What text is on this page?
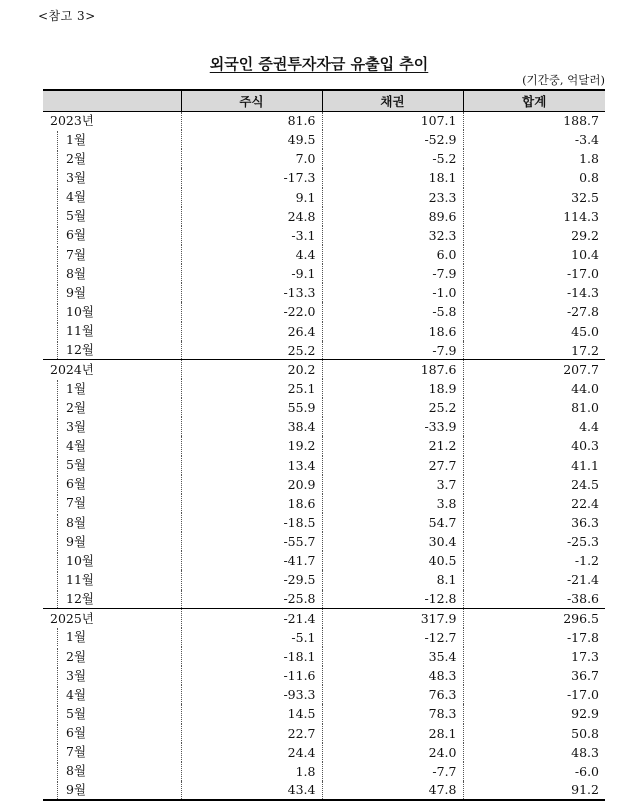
<참고 3>
외국인 증권투자자금 유출입 추이
(기간중, 억달러)
	주식	채권	합계
2023년	81.6	107.1	188.7
1월	49.5	-52.9	-3.4
2월	7.0	-5.2	1.8
3월	-17.3	18.1	0.8
4월	9.1	23.3	32.5
5월	24.8	89.6	114.3
6월	-3.1	32.3	29.2
7월	4.4	6.0	10.4
8월	-9.1	-7.9	-17.0
9월	-13.3	-1.0	-14.3
10월	-22.0	-5.8	-27.8
11월	26.4	18.6	45.0
12월	25.2	-7.9	17.2
2024년	20.2	187.6	207.7
1월	25.1	18.9	44.0
2월	55.9	25.2	81.0
3월	38.4	-33.9	4.4
4월	19.2	21.2	40.3
5월	13.4	27.7	41.1
6월	20.9	3.7	24.5
7월	18.6	3.8	22.4
8월	-18.5	54.7	36.3
9월	-55.7	30.4	-25.3
10월	-41.7	40.5	-1.2
11월	-29.5	8.1	-21.4
12월	-25.8	-12.8	-38.6
2025년	-21.4	317.9	296.5
1월	-5.1	-12.7	-17.8
2월	-18.1	35.4	17.3
3월	-11.6	48.3	36.7
4월	-93.3	76.3	-17.0
5월	14.5	78.3	92.9
6월	22.7	28.1	50.8
7월	24.4	24.0	48.3
8월	1.8	-7.7	-6.0
9월	43.4	47.8	91.2
